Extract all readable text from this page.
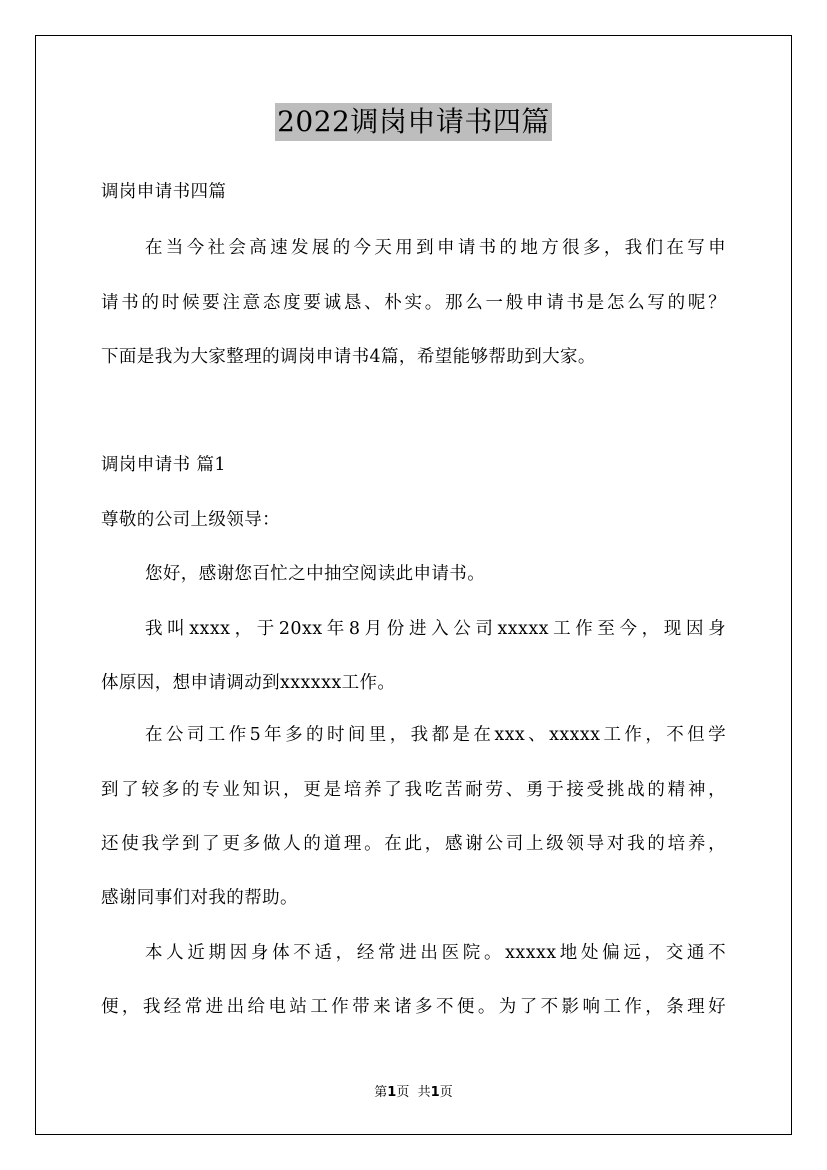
2022调岗申请书四篇
调岗申请书四篇
在当今社会高速发展的今天用到申请书的地方很多，我们在写申
请书的时候要注意态度要诚恳、朴实。那么一般申请书是怎么写的呢？
下面是我为大家整理的调岗申请书4篇，希望能够帮助到大家。
调岗申请书 篇1
尊敬的公司上级领导：
您好，感谢您百忙之中抽空阅读此申请书。
我叫xxxx，于20xx年8月份进入公司xxxxx工作至今，现因身
体原因，想申请调动到xxxxxx工作。
在公司工作5年多的时间里，我都是在xxx、xxxxx工作，不但学
到了较多的专业知识，更是培养了我吃苦耐劳、勇于接受挑战的精神，
还使我学到了更多做人的道理。在此，感谢公司上级领导对我的培养，
感谢同事们对我的帮助。
本人近期因身体不适，经常进出医院。xxxxx地处偏远，交通不
便，我经常进出给电站工作带来诸多不便。为了不影响工作，条理好
第1页 共1页
